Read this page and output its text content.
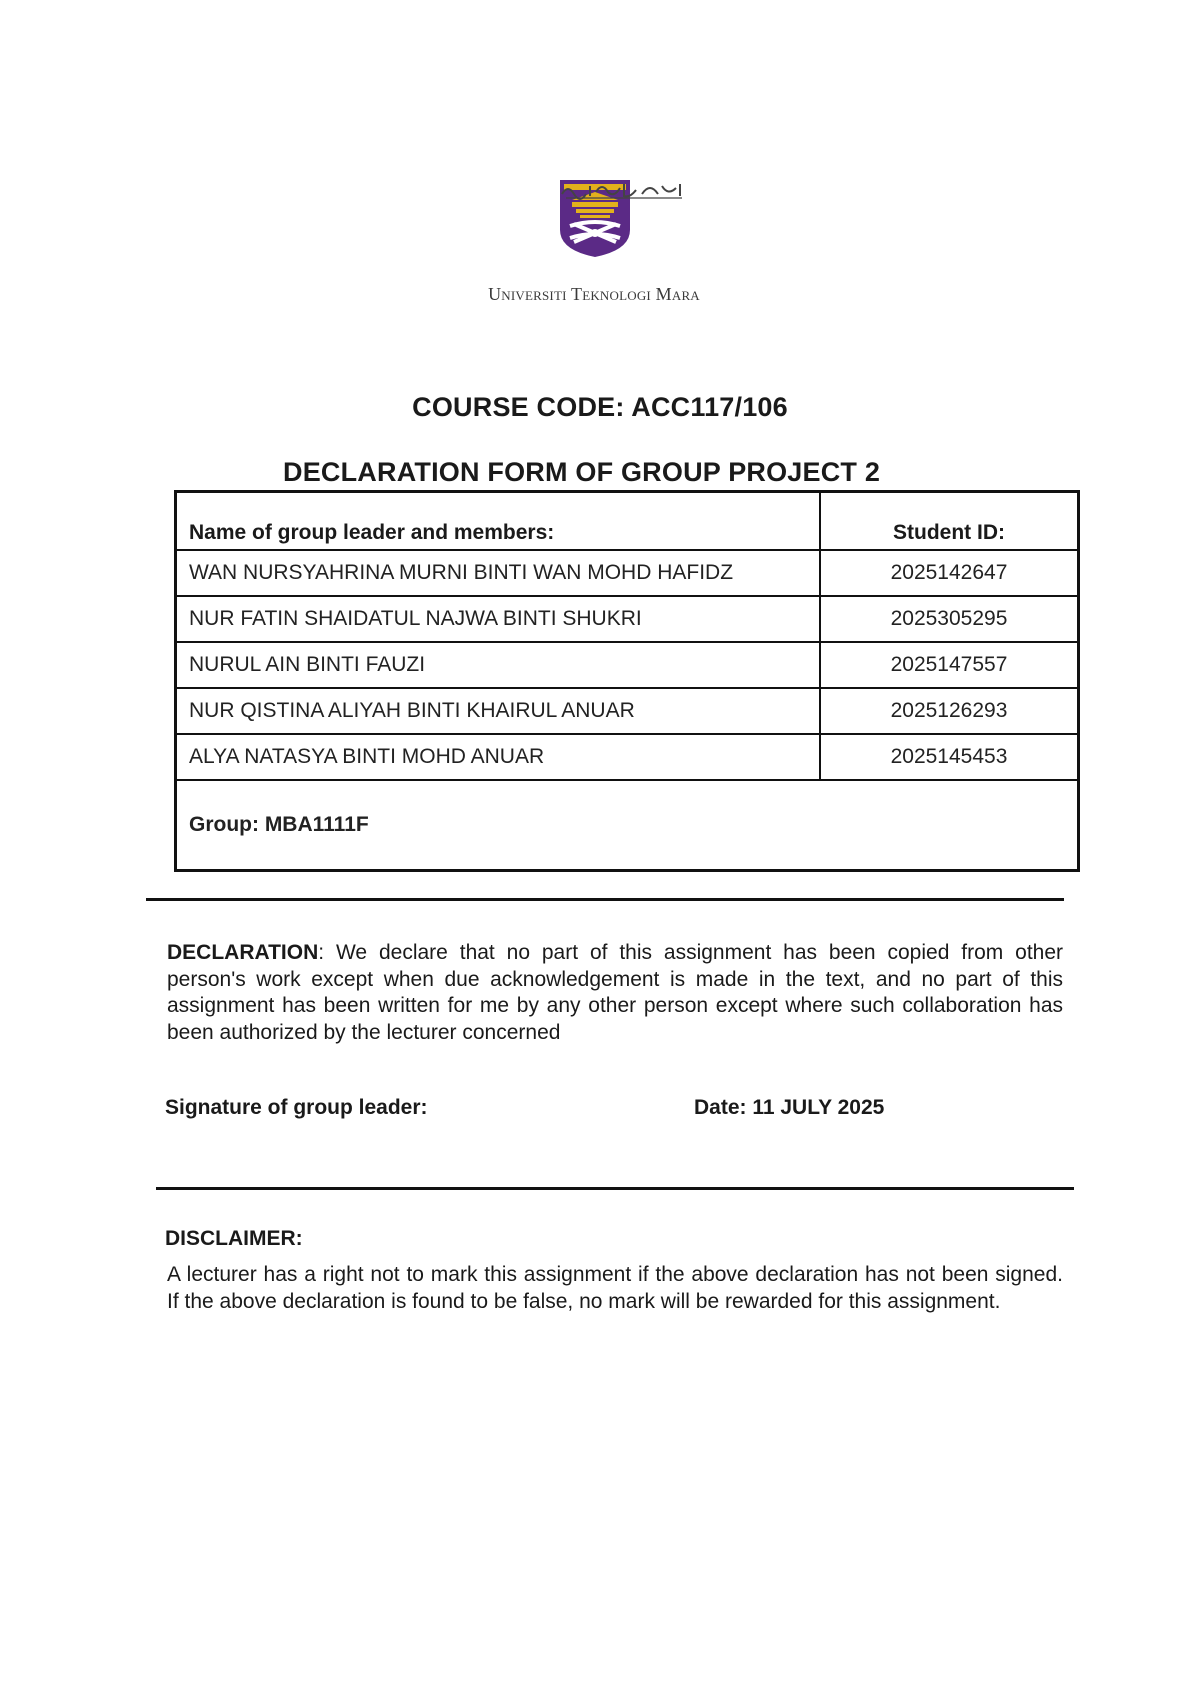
Universiti Teknologi Mara
COURSE CODE: ACC117/106
DECLARATION FORM OF GROUP PROJECT 2
Name of group leader and members:	Student ID:
WAN NURSYAHRINA MURNI BINTI WAN MOHD HAFIDZ	2025142647
NUR FATIN SHAIDATUL NAJWA BINTI SHUKRI	2025305295
NURUL AIN BINTI FAUZI	2025147557
NUR QISTINA ALIYAH BINTI KHAIRUL ANUAR	2025126293
ALYA NATASYA BINTI MOHD ANUAR	2025145453
Group: MBA1111F	
DECLARATION: We declare that no part of this assignment has been copied from other person's work except when due acknowledgement is made in the text, and no part of this assignment has been written for me by any other person except where such collaboration has been authorized by the lecturer concerned
Signature of group leader:	Date: 11 JULY 2025
DISCLAIMER:
A lecturer has a right not to mark this assignment if the above declaration has not been signed. If the above declaration is found to be false, no mark will be rewarded for this assignment.
